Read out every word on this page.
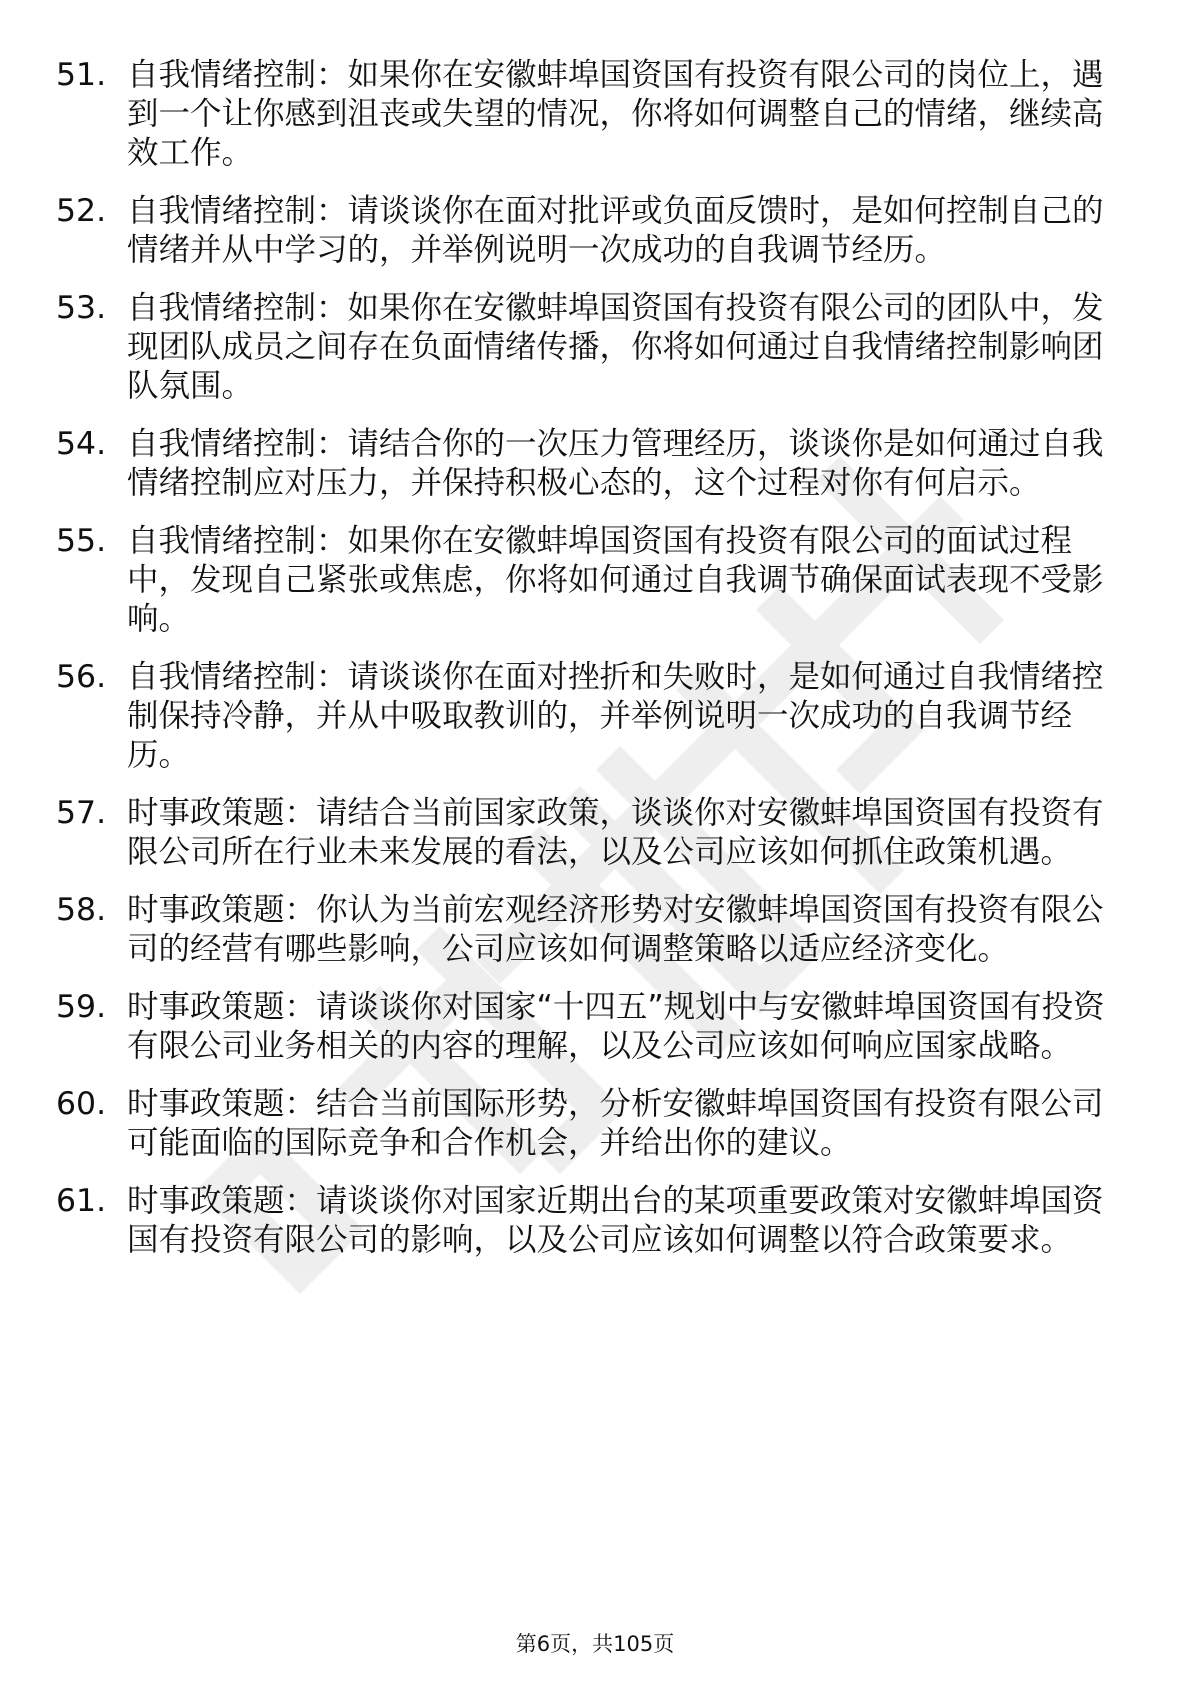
51. 自我情绪控制：如果你在安徽蚌埠国资国有投资有限公司的岗位上，遇到一个让你感到沮丧或失望的情况，你将如何调整自己的情绪，继续高效工作。
52. 自我情绪控制：请谈谈你在面对批评或负面反馈时，是如何控制自己的情绪并从中学习的，并举例说明一次成功的自我调节经历。
53. 自我情绪控制：如果你在安徽蚌埠国资国有投资有限公司的团队中，发现团队成员之间存在负面情绪传播，你将如何通过自我情绪控制影响团队氛围。
54. 自我情绪控制：请结合你的一次压力管理经历，谈谈你是如何通过自我情绪控制应对压力，并保持积极心态的，这个过程对你有何启示。
55. 自我情绪控制：如果你在安徽蚌埠国资国有投资有限公司的面试过程中，发现自己紧张或焦虑，你将如何通过自我调节确保面试表现不受影响。
56. 自我情绪控制：请谈谈你在面对挫折和失败时，是如何通过自我情绪控制保持冷静，并从中吸取教训的，并举例说明一次成功的自我调节经历。
57. 时事政策题：请结合当前国家政策，谈谈你对安徽蚌埠国资国有投资有限公司所在行业未来发展的看法，以及公司应该如何抓住政策机遇。
58. 时事政策题：你认为当前宏观经济形势对安徽蚌埠国资国有投资有限公司的经营有哪些影响，公司应该如何调整策略以适应经济变化。
59. 时事政策题：请谈谈你对国家“十四五”规划中与安徽蚌埠国资国有投资有限公司业务相关的内容的理解，以及公司应该如何响应国家战略。
60. 时事政策题：结合当前国际形势，分析安徽蚌埠国资国有投资有限公司可能面临的国际竞争和合作机会，并给出你的建议。
61. 时事政策题：请谈谈你对国家近期出台的某项重要政策对安徽蚌埠国资国有投资有限公司的影响，以及公司应该如何调整以符合政策要求。
第6页，共105页
